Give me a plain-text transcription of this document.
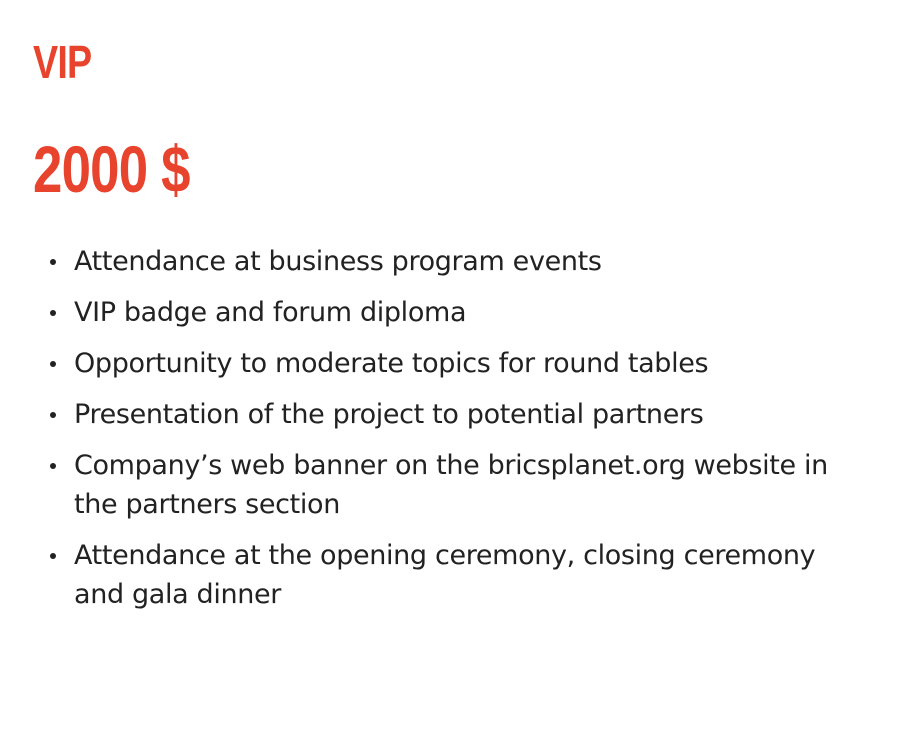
VIP
2000 $
Attendance at business program events
VIP badge and forum diploma
Opportunity to moderate topics for round tables
Presentation of the project to potential partners
Company’s web banner on the bricsplanet.org website in the partners section
Attendance at the opening ceremony, closing ceremony and gala dinner
